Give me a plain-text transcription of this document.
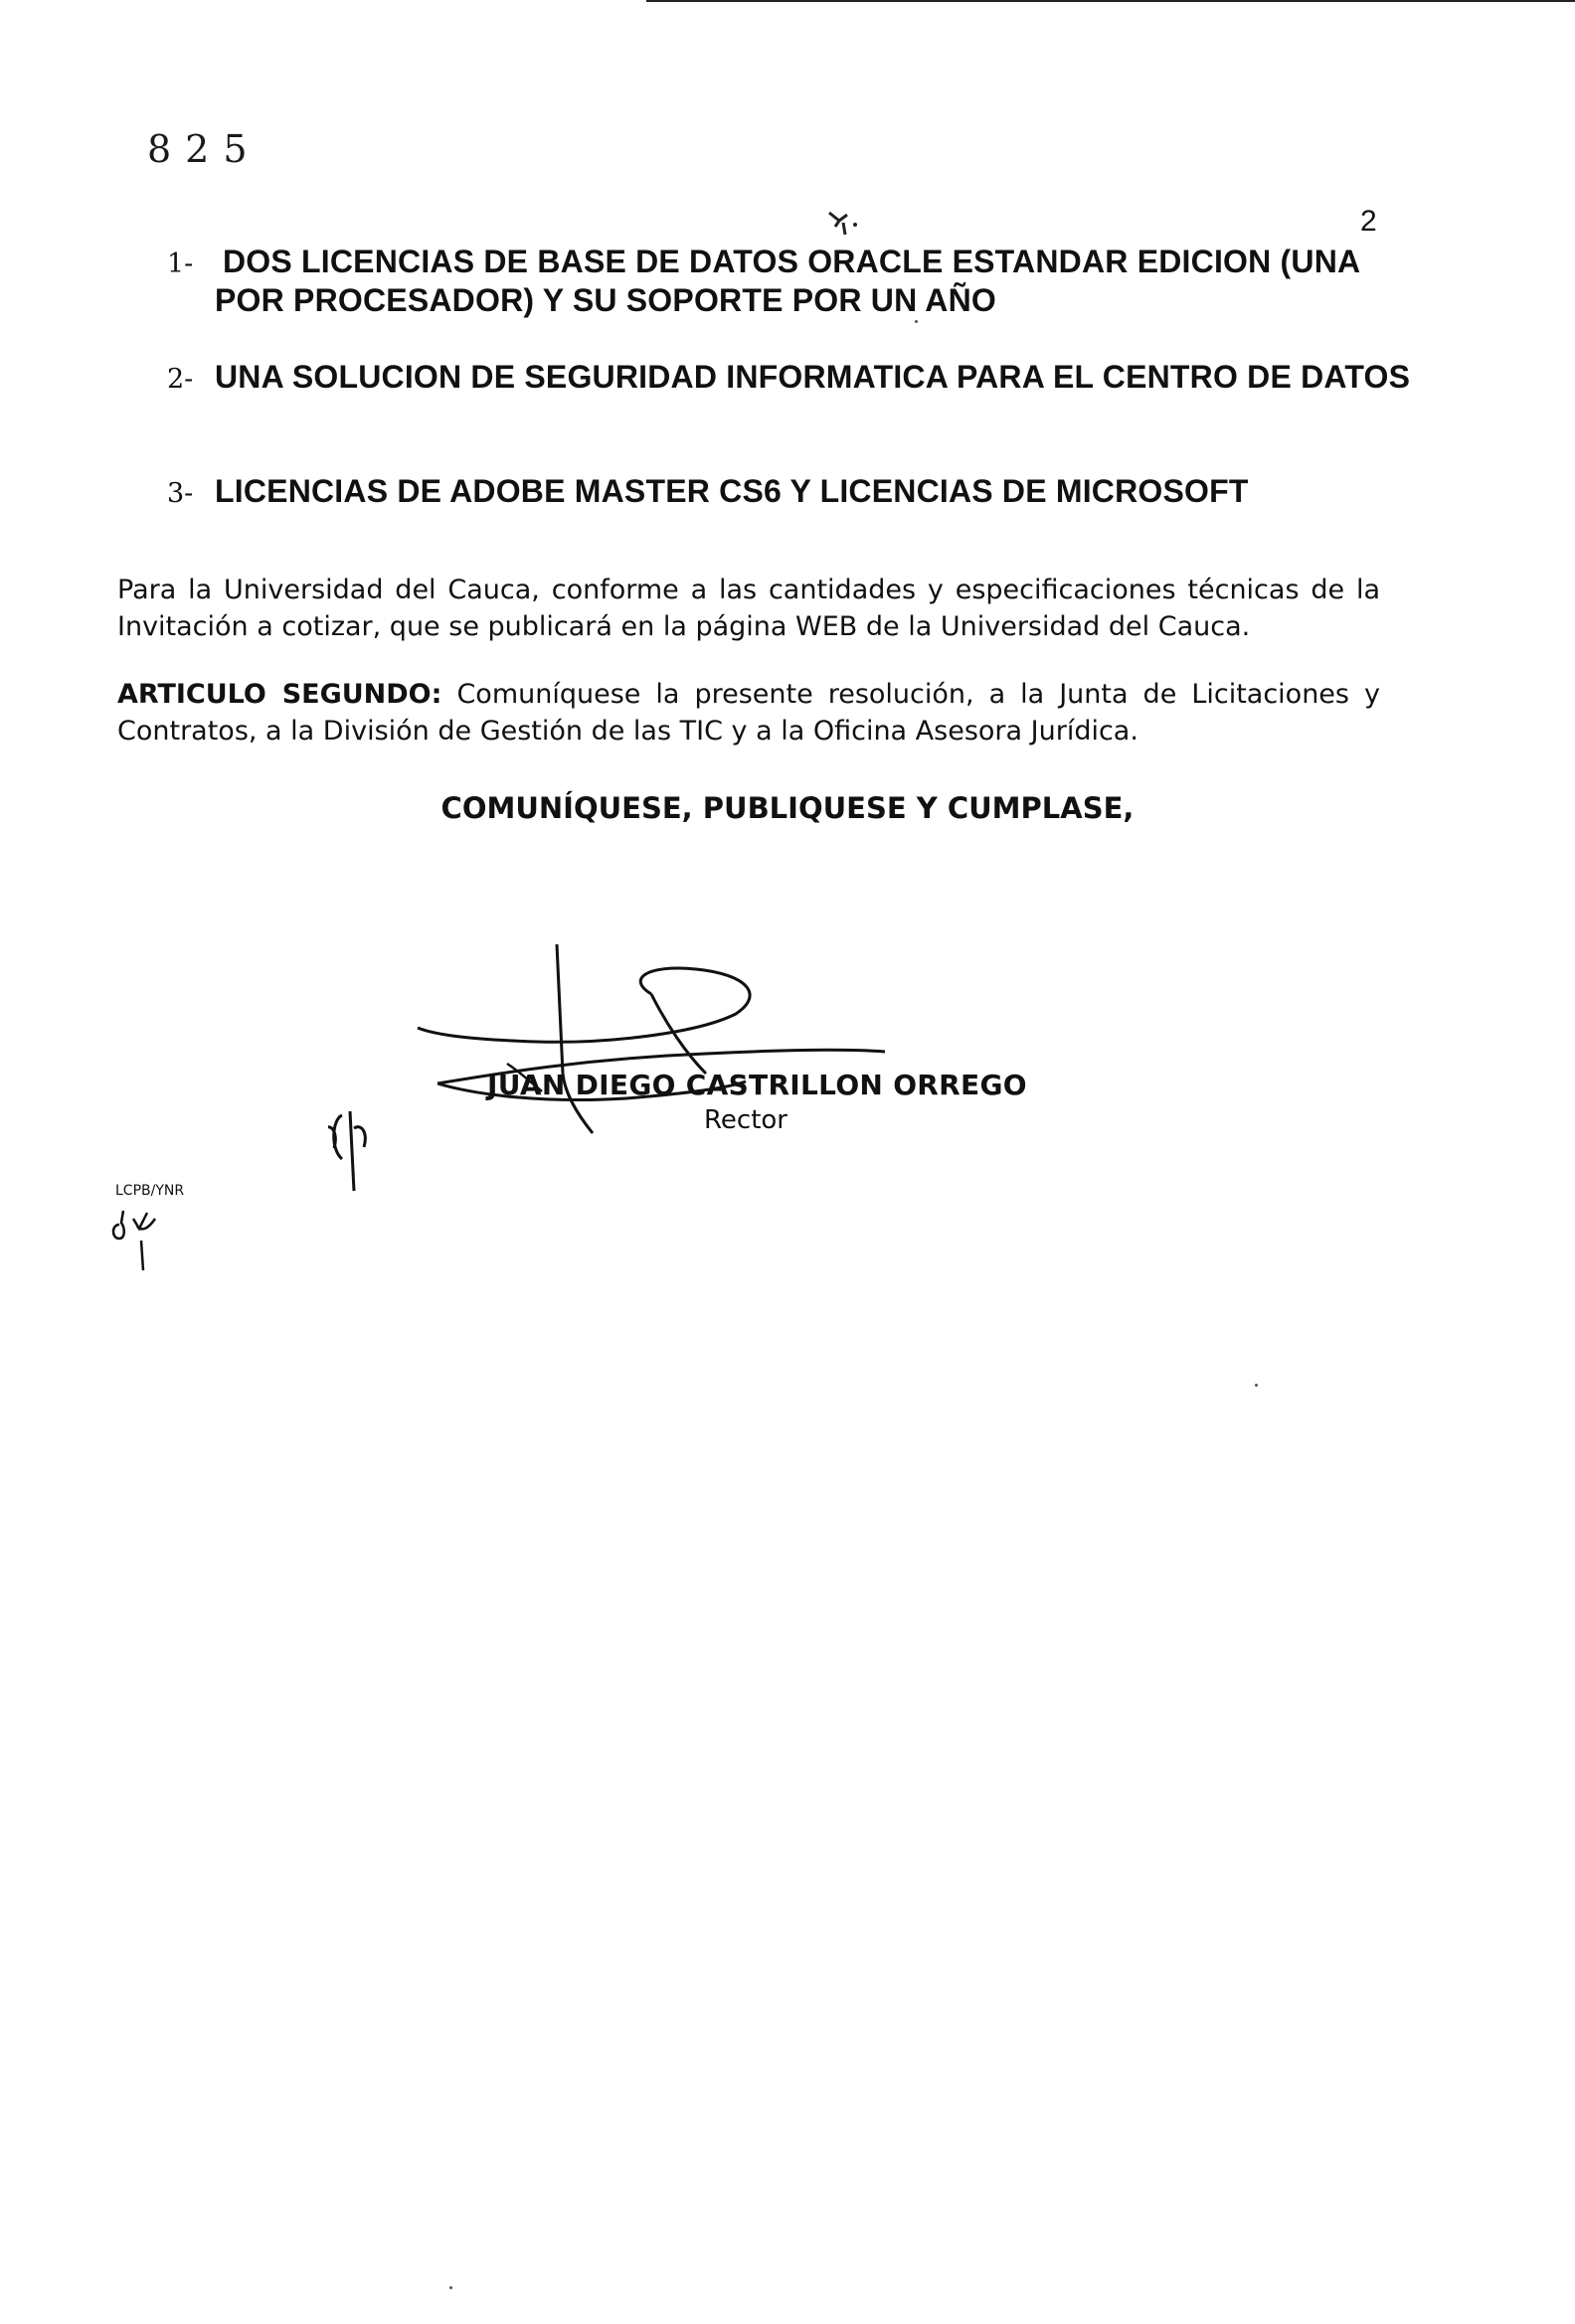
825
2
1- DOS LICENCIAS DE BASE DE DATOS ORACLE ESTANDAR EDICION (UNA POR PROCESADOR) Y SU SOPORTE POR UN AÑO
2- UNA SOLUCION DE SEGURIDAD INFORMATICA PARA EL CENTRO DE DATOS
3- LICENCIAS DE ADOBE MASTER CS6 Y LICENCIAS DE MICROSOFT

Para la Universidad del Cauca, conforme a las cantidades y especificaciones técnicas de la Invitación a cotizar, que se publicará en la página WEB de la Universidad del Cauca.

ARTICULO SEGUNDO: Comuníquese la presente resolución, a la Junta de Licitaciones y Contratos, a la División de Gestión de las TIC y a la Oficina Asesora Jurídica.

COMUNÍQUESE, PUBLIQUESE Y CUMPLASE,
JUAN DIEGO CASTRILLON ORREGO
Rector
LCPB/YNR
